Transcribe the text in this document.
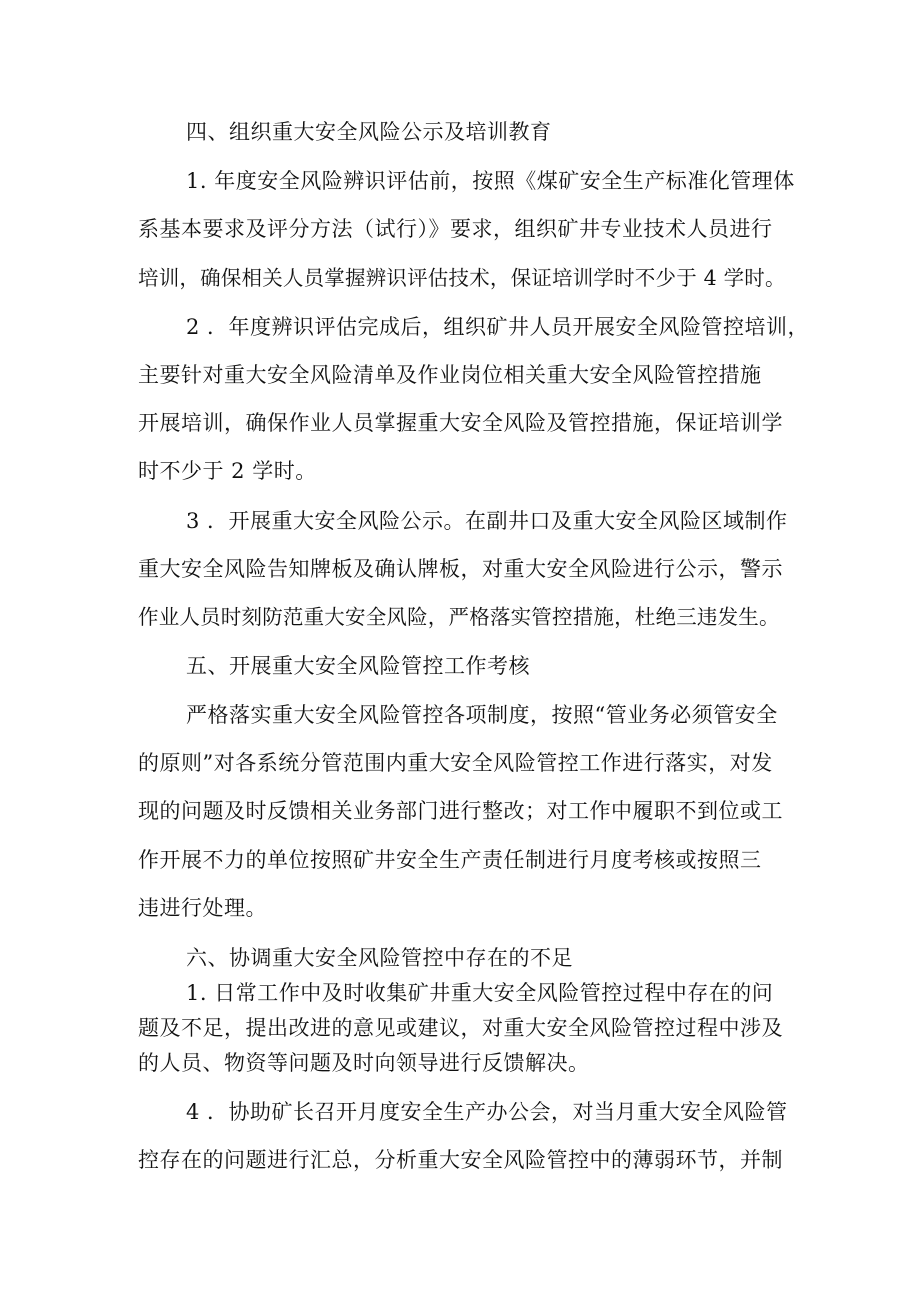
四、组织重大安全风险公示及培训教育
1. 年度安全风险辨识评估前，按照《煤矿安全生产标准化管理体
系基本要求及评分方法（试行）》要求，组织矿井专业技术人员进行
培训，确保相关人员掌握辨识评估技术，保证培训学时不少于 4 学时。
2 ．年度辨识评估完成后，组织矿井人员开展安全风险管控培训，
主要针对重大安全风险清单及作业岗位相关重大安全风险管控措施
开展培训，确保作业人员掌握重大安全风险及管控措施，保证培训学
时不少于 2 学时。
3 ．开展重大安全风险公示。在副井口及重大安全风险区域制作
重大安全风险告知牌板及确认牌板，对重大安全风险进行公示，警示
作业人员时刻防范重大安全风险，严格落实管控措施，杜绝三违发生。
五、开展重大安全风险管控工作考核
严格落实重大安全风险管控各项制度，按照“管业务必须管安全
的原则”对各系统分管范围内重大安全风险管控工作进行落实，对发
现的问题及时反馈相关业务部门进行整改；对工作中履职不到位或工
作开展不力的单位按照矿井安全生产责任制进行月度考核或按照三
违进行处理。
六、协调重大安全风险管控中存在的不足
1. 日常工作中及时收集矿井重大安全风险管控过程中存在的问
题及不足，提出改进的意见或建议，对重大安全风险管控过程中涉及
的人员、物资等问题及时向领导进行反馈解决。
4 ．协助矿长召开月度安全生产办公会，对当月重大安全风险管
控存在的问题进行汇总，分析重大安全风险管控中的薄弱环节，并制
